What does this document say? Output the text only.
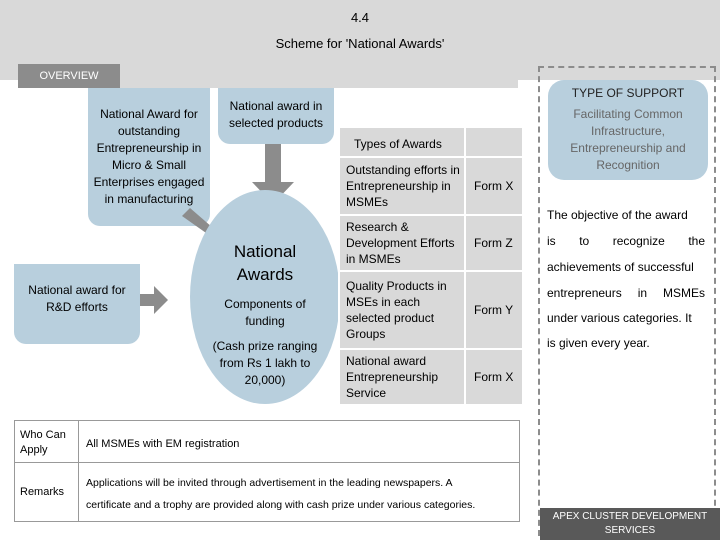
4.4
Scheme for 'National Awards'
OVERVIEW
National Award for outstanding Entrepreneurship in Micro & Small Enterprises engaged in manufacturing
National award in selected products
National award for R&D efforts
National Awards
Components of funding
(Cash prize ranging from Rs 1 lakh to 20,000)
Types of Awards	
Outstanding efforts in Entrepreneurship in MSMEs	Form X
Research & Development Efforts in MSMEs	Form Z
Quality Products in MSEs in each selected product Groups	Form Y
National award Entrepreneurship Service	Form X
TYPE OF SUPPORT
Facilitating Common Infrastructure, Entrepreneurship and Recognition
The objective of the award
is to recognize the
achievements of successful
entrepreneurs in MSMEs
under various categories. It
is given every year.
Who Can Apply	All MSMEs with EM registration
Remarks
Applications will be invited through advertisement in the leading newspapers. A
certificate and a trophy are provided along with cash prize under various categories.
APEX CLUSTER DEVELOPMENT SERVICES
